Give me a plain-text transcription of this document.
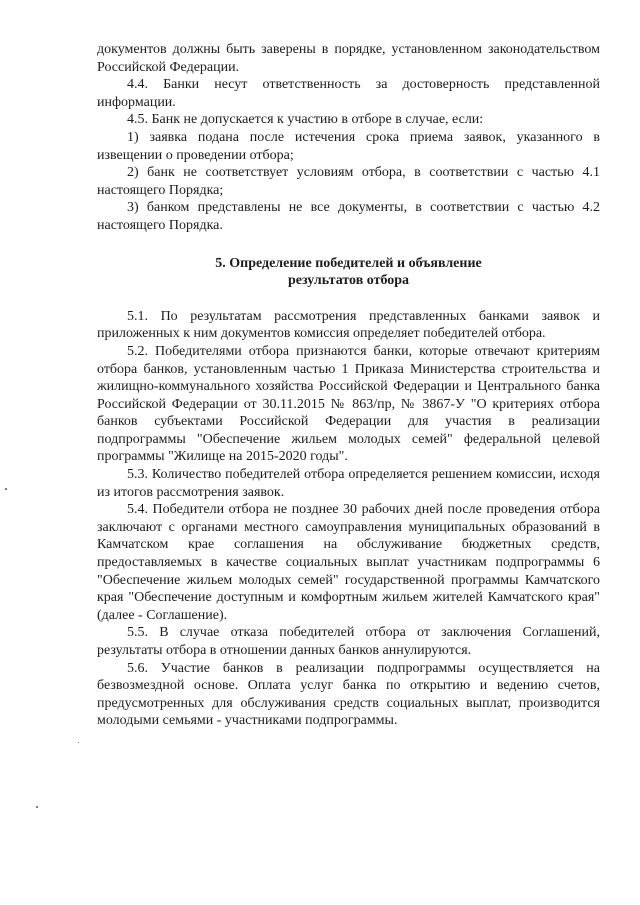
документов должны быть заверены в порядке, установленном законодательством Российской Федерации.

4.4. Банки несут ответственность за достоверность представленной информации.

4.5. Банк не допускается к участию в отборе в случае, если:

1) заявка подана после истечения срока приема заявок, указанного в извещении о проведении отбора;

2) банк не соответствует условиям отбора, в соответствии с частью 4.1 настоящего Порядка;

3) банком представлены не все документы, в соответствии с частью 4.2 настоящего Порядка.

5. Определение победителей и объявление
результатов отбора

5.1. По результатам рассмотрения представленных банками заявок и приложенных к ним документов комиссия определяет победителей отбора.

5.2. Победителями отбора признаются банки, которые отвечают критериям отбора банков, установленным частью 1 Приказа Министерства строительства и жилищно-коммунального хозяйства Российской Федерации и Центрального банка Российской Федерации от 30.11.2015 № 863/пр, № 3867-У "О критериях отбора банков субъектами Российской Федерации для участия в реализации подпрограммы "Обеспечение жильем молодых семей" федеральной целевой программы "Жилище на 2015-2020 годы".

5.3. Количество победителей отбора определяется решением комиссии, исходя из итогов рассмотрения заявок.

5.4. Победители отбора не позднее 30 рабочих дней после проведения отбора заключают с органами местного самоуправления муниципальных образований в Камчатском крае соглашения на обслуживание бюджетных средств, предоставляемых в качестве социальных выплат участникам подпрограммы 6 "Обеспечение жильем молодых семей" государственной программы Камчатского края "Обеспечение доступным и комфортным жильем жителей Камчатского края" (далее - Соглашение).

5.5. В случае отказа победителей отбора от заключения Соглашений, результаты отбора в отношении данных банков аннулируются.

5.6. Участие банков в реализации подпрограммы осуществляется на безвозмездной основе. Оплата услуг банка по открытию и ведению счетов, предусмотренных для обслуживания средств социальных выплат, производится молодыми семьями - участниками подпрограммы.
